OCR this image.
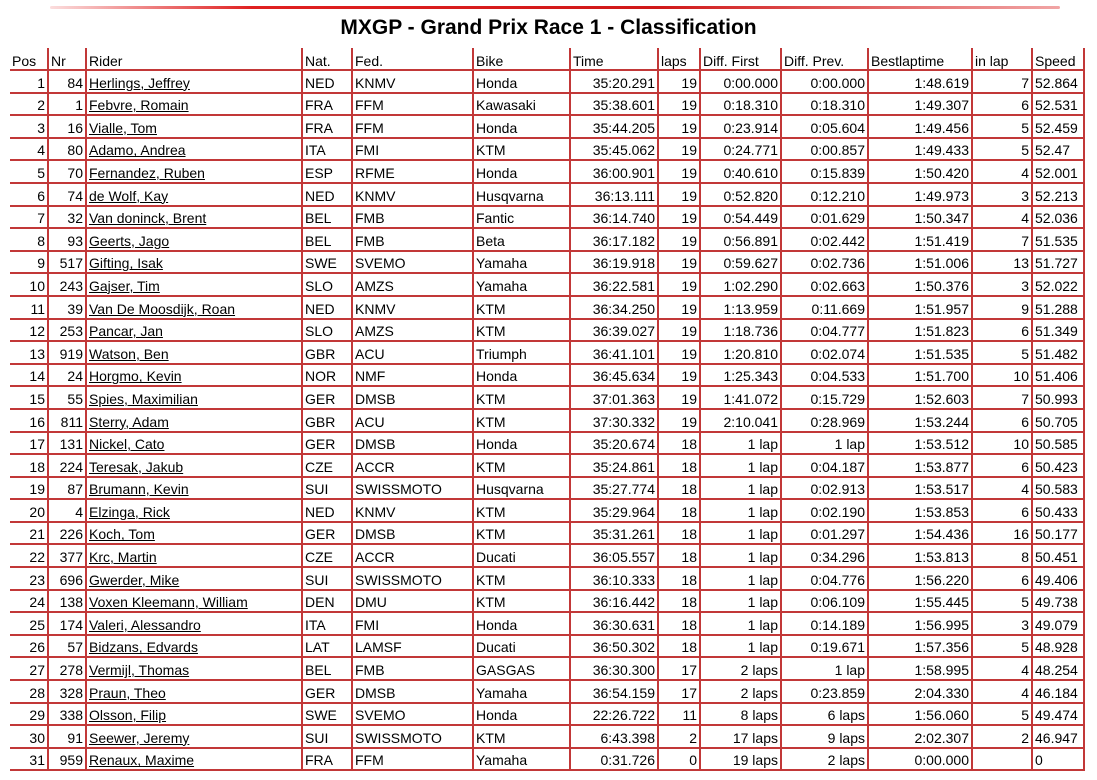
MXGP - Grand Prix Race 1 - Classification
Pos	Nr	Rider	Nat.	Fed.	Bike	Time	laps	Diff. First	Diff. Prev.	Bestlaptime	in lap	Speed
1	84	Herlings, Jeffrey	NED	KNMV	Honda	35:20.291	19	0:00.000	0:00.000	1:48.619	7	52.864
2	1	Febvre, Romain	FRA	FFM	Kawasaki	35:38.601	19	0:18.310	0:18.310	1:49.307	6	52.531
3	16	Vialle, Tom	FRA	FFM	Honda	35:44.205	19	0:23.914	0:05.604	1:49.456	5	52.459
4	80	Adamo, Andrea	ITA	FMI	KTM	35:45.062	19	0:24.771	0:00.857	1:49.433	5	52.47
5	70	Fernandez, Ruben	ESP	RFME	Honda	36:00.901	19	0:40.610	0:15.839	1:50.420	4	52.001
6	74	de Wolf, Kay	NED	KNMV	Husqvarna	36:13.111	19	0:52.820	0:12.210	1:49.973	3	52.213
7	32	Van doninck, Brent	BEL	FMB	Fantic	36:14.740	19	0:54.449	0:01.629	1:50.347	4	52.036
8	93	Geerts, Jago	BEL	FMB	Beta	36:17.182	19	0:56.891	0:02.442	1:51.419	7	51.535
9	517	Gifting, Isak	SWE	SVEMO	Yamaha	36:19.918	19	0:59.627	0:02.736	1:51.006	13	51.727
10	243	Gajser, Tim	SLO	AMZS	Yamaha	36:22.581	19	1:02.290	0:02.663	1:50.376	3	52.022
11	39	Van De Moosdijk, Roan	NED	KNMV	KTM	36:34.250	19	1:13.959	0:11.669	1:51.957	9	51.288
12	253	Pancar, Jan	SLO	AMZS	KTM	36:39.027	19	1:18.736	0:04.777	1:51.823	6	51.349
13	919	Watson, Ben	GBR	ACU	Triumph	36:41.101	19	1:20.810	0:02.074	1:51.535	5	51.482
14	24	Horgmo, Kevin	NOR	NMF	Honda	36:45.634	19	1:25.343	0:04.533	1:51.700	10	51.406
15	55	Spies, Maximilian	GER	DMSB	KTM	37:01.363	19	1:41.072	0:15.729	1:52.603	7	50.993
16	811	Sterry, Adam	GBR	ACU	KTM	37:30.332	19	2:10.041	0:28.969	1:53.244	6	50.705
17	131	Nickel, Cato	GER	DMSB	Honda	35:20.674	18	1 lap	1 lap	1:53.512	10	50.585
18	224	Teresak, Jakub	CZE	ACCR	KTM	35:24.861	18	1 lap	0:04.187	1:53.877	6	50.423
19	87	Brumann, Kevin	SUI	SWISSMOTO	Husqvarna	35:27.774	18	1 lap	0:02.913	1:53.517	4	50.583
20	4	Elzinga, Rick	NED	KNMV	KTM	35:29.964	18	1 lap	0:02.190	1:53.853	6	50.433
21	226	Koch, Tom	GER	DMSB	KTM	35:31.261	18	1 lap	0:01.297	1:54.436	16	50.177
22	377	Krc, Martin	CZE	ACCR	Ducati	36:05.557	18	1 lap	0:34.296	1:53.813	8	50.451
23	696	Gwerder, Mike	SUI	SWISSMOTO	KTM	36:10.333	18	1 lap	0:04.776	1:56.220	6	49.406
24	138	Voxen Kleemann, William	DEN	DMU	KTM	36:16.442	18	1 lap	0:06.109	1:55.445	5	49.738
25	174	Valeri, Alessandro	ITA	FMI	Honda	36:30.631	18	1 lap	0:14.189	1:56.995	3	49.079
26	57	Bidzans, Edvards	LAT	LAMSF	Ducati	36:50.302	18	1 lap	0:19.671	1:57.356	5	48.928
27	278	Vermijl, Thomas	BEL	FMB	GASGAS	36:30.300	17	2 laps	1 lap	1:58.995	4	48.254
28	328	Praun, Theo	GER	DMSB	Yamaha	36:54.159	17	2 laps	0:23.859	2:04.330	4	46.184
29	338	Olsson, Filip	SWE	SVEMO	Honda	22:26.722	11	8 laps	6 laps	1:56.060	5	49.474
30	91	Seewer, Jeremy	SUI	SWISSMOTO	KTM	6:43.398	2	17 laps	9 laps	2:02.307	2	46.947
31	959	Renaux, Maxime	FRA	FFM	Yamaha	0:31.726	0	19 laps	2 laps	0:00.000		0
